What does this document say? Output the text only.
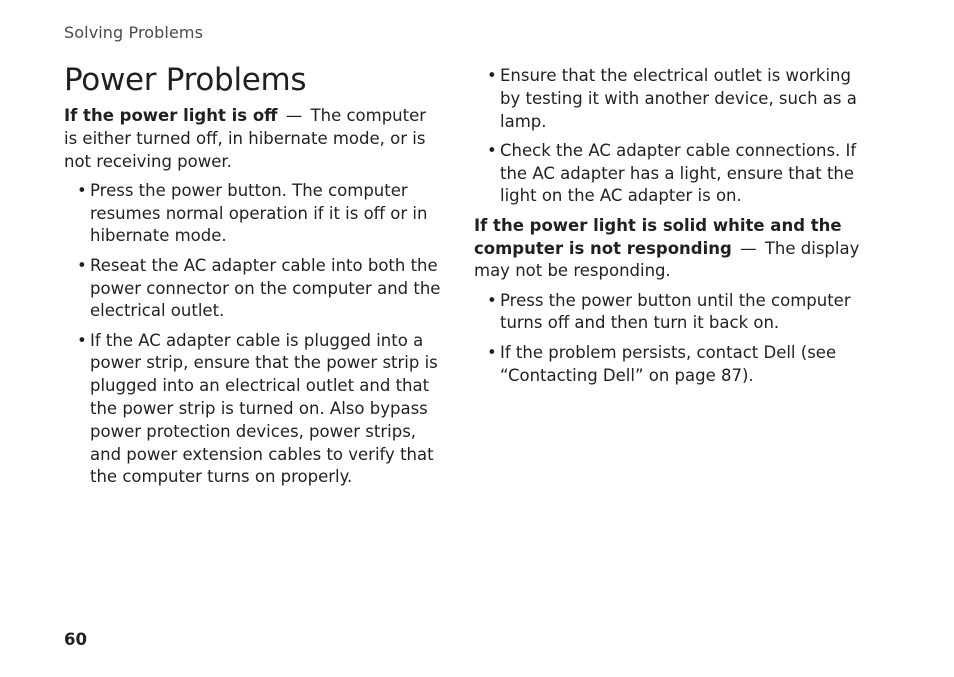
Solving Problems
Power Problems

If the power light is off — The computer is either turned off, in hibernate mode, or is not receiving power.

• Press the power button. The computer resumes normal operation if it is off or in hibernate mode.
• Reseat the AC adapter cable into both the power connector on the computer and the electrical outlet.
• If the AC adapter cable is plugged into a power strip, ensure that the power strip is plugged into an electrical outlet and that the power strip is turned on. Also bypass power protection devices, power strips, and power extension cables to verify that the computer turns on properly.
• Ensure that the electrical outlet is working by testing it with another device, such as a lamp.
• Check the AC adapter cable connections. If the AC adapter has a light, ensure that the light on the AC adapter is on.

If the power light is solid white and the computer is not responding — The display may not be responding.

• Press the power button until the computer turns off and then turn it back on.
• If the problem persists, contact Dell (see “Contacting Dell” on page 87).
60
